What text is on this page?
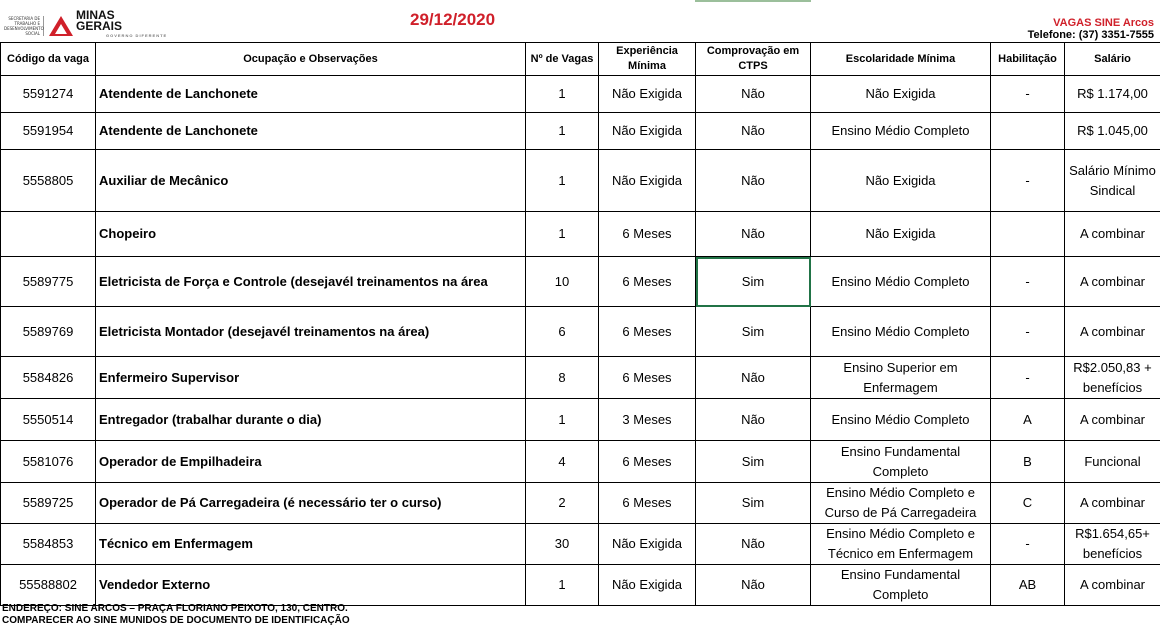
SECRETARIA DE
TRABALHO E
DESENVOLVIMENTO
SOCIAL
MINAS
GERAIS
GOVERNO DIFERENTE
29/12/2020	VAGAS SINE Arcos
Telefone: (37) 3351-7555
Código da vaga	Ocupação e Observações	Nº de Vagas	Experiência Mínima	Comprovação em CTPS	Escolaridade Mínima	Habilitação	Salário
5591274	Atendente de Lanchonete	1	Não Exigida	Não	Não Exigida	-	R$ 1.174,00
5591954	Atendente de Lanchonete	1	Não Exigida	Não	Ensino Médio Completo		R$ 1.045,00
5558805	Auxiliar de Mecânico	1	Não Exigida	Não	Não Exigida	-	Salário Mínimo Sindical
	Chopeiro	1	6 Meses	Não	Não Exigida		A combinar
5589775	Eletricista de Força e Controle (desejavél treinamentos na área	10	6 Meses	Sim	Ensino Médio Completo	-	A combinar
5589769	Eletricista Montador (desejavél treinamentos na área)	6	6 Meses	Sim	Ensino Médio Completo	-	A combinar
5584826	Enfermeiro Supervisor	8	6 Meses	Não	Ensino Superior em Enfermagem	-	R$2.050,83 + benefícios
5550514	Entregador (trabalhar durante o dia)	1	3 Meses	Não	Ensino Médio Completo	A	A combinar
5581076	Operador de Empilhadeira	4	6 Meses	Sim	Ensino Fundamental Completo	B	Funcional
5589725	Operador de Pá Carregadeira (é necessário ter o curso)	2	6 Meses	Sim	Ensino Médio Completo e Curso de Pá Carregadeira	C	A combinar
5584853	Técnico em Enfermagem	30	Não Exigida	Não	Ensino Médio Completo e Técnico em Enfermagem	-	R$1.654,65+ benefícios
55588802	Vendedor Externo	1	Não Exigida	Não	Ensino Fundamental Completo	AB	A combinar
ENDEREÇO: SINE ARCOS – PRAÇA FLORIANO PEIXOTO, 130, CENTRO.
COMPARECER AO SINE MUNIDOS DE DOCUMENTO DE IDENTIFICAÇÃO
